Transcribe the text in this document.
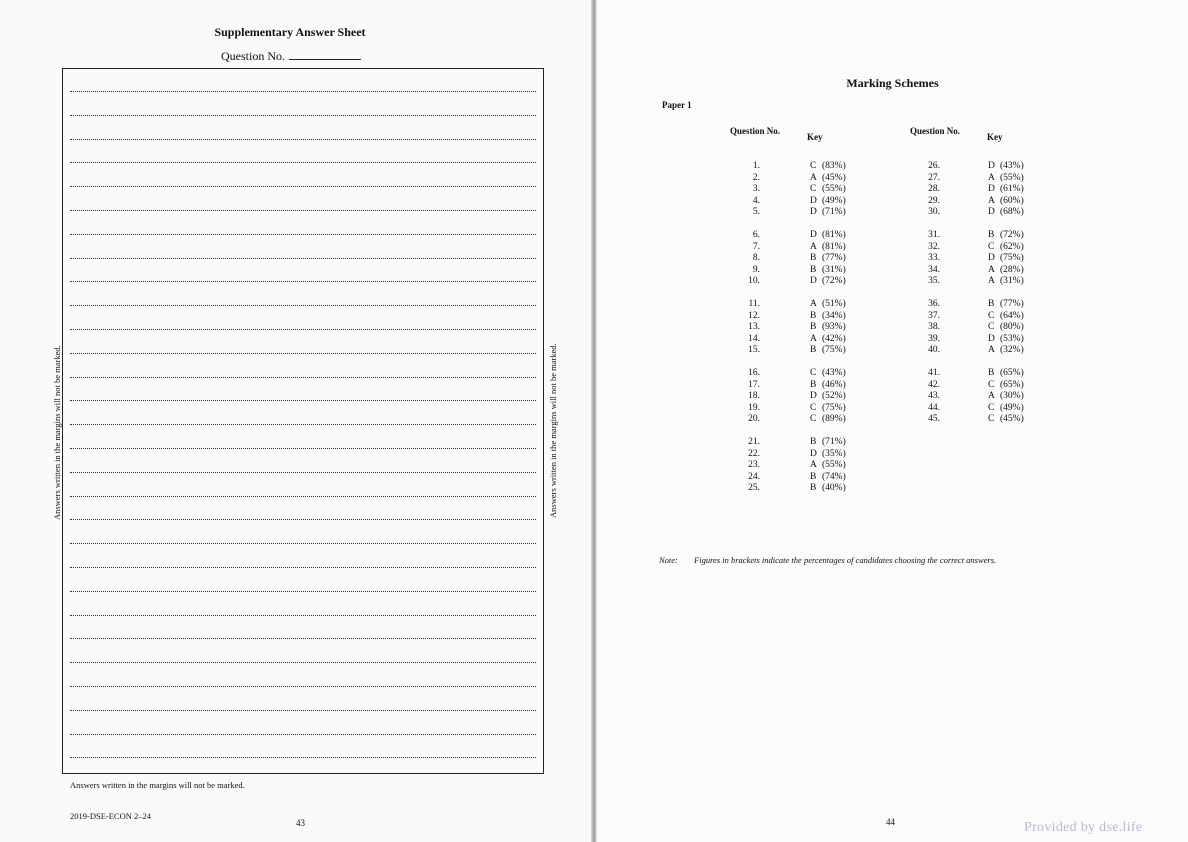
Supplementary Answer Sheet
Question No.
Answers written in the margins will not be marked.	Answers written in the margins will not be marked.
Answers written in the margins will not be marked.
2019-DSE-ECON 2–24
43
Marking Schemes
Paper 1
Question No.
Key
Question No.
Key
1.	C (83%)
2.	A (45%)
3.	C (55%)
4.	D (49%)
5.	D (71%)
6.	D (81%)
7.	A (81%)
8.	B (77%)
9.	B (31%)
10.	D (72%)
11.	A (51%)
12.	B (34%)
13.	B (93%)
14.	A (42%)
15.	B (75%)
16.	C (43%)
17.	B (46%)
18.	D (52%)
19.	C (75%)
20.	C (89%)
21.	B (71%)
22.	D (35%)
23.	A (55%)
24.	B (74%)
25.	B (40%)
26.	D (43%)
27.	A (55%)
28.	D (61%)
29.	A (60%)
30.	D (68%)
31.	B (72%)
32.	C (62%)
33.	D (75%)
34.	A (28%)
35.	A (31%)
36.	B (77%)
37.	C (64%)
38.	C (80%)
39.	D (53%)
40.	A (32%)
41.	B (65%)
42.	C (65%)
43.	A (30%)
44.	C (49%)
45.	C (45%)
Note: Figures in brackets indicate the percentages of candidates choosing the correct answers.
44	Provided by dse.life
